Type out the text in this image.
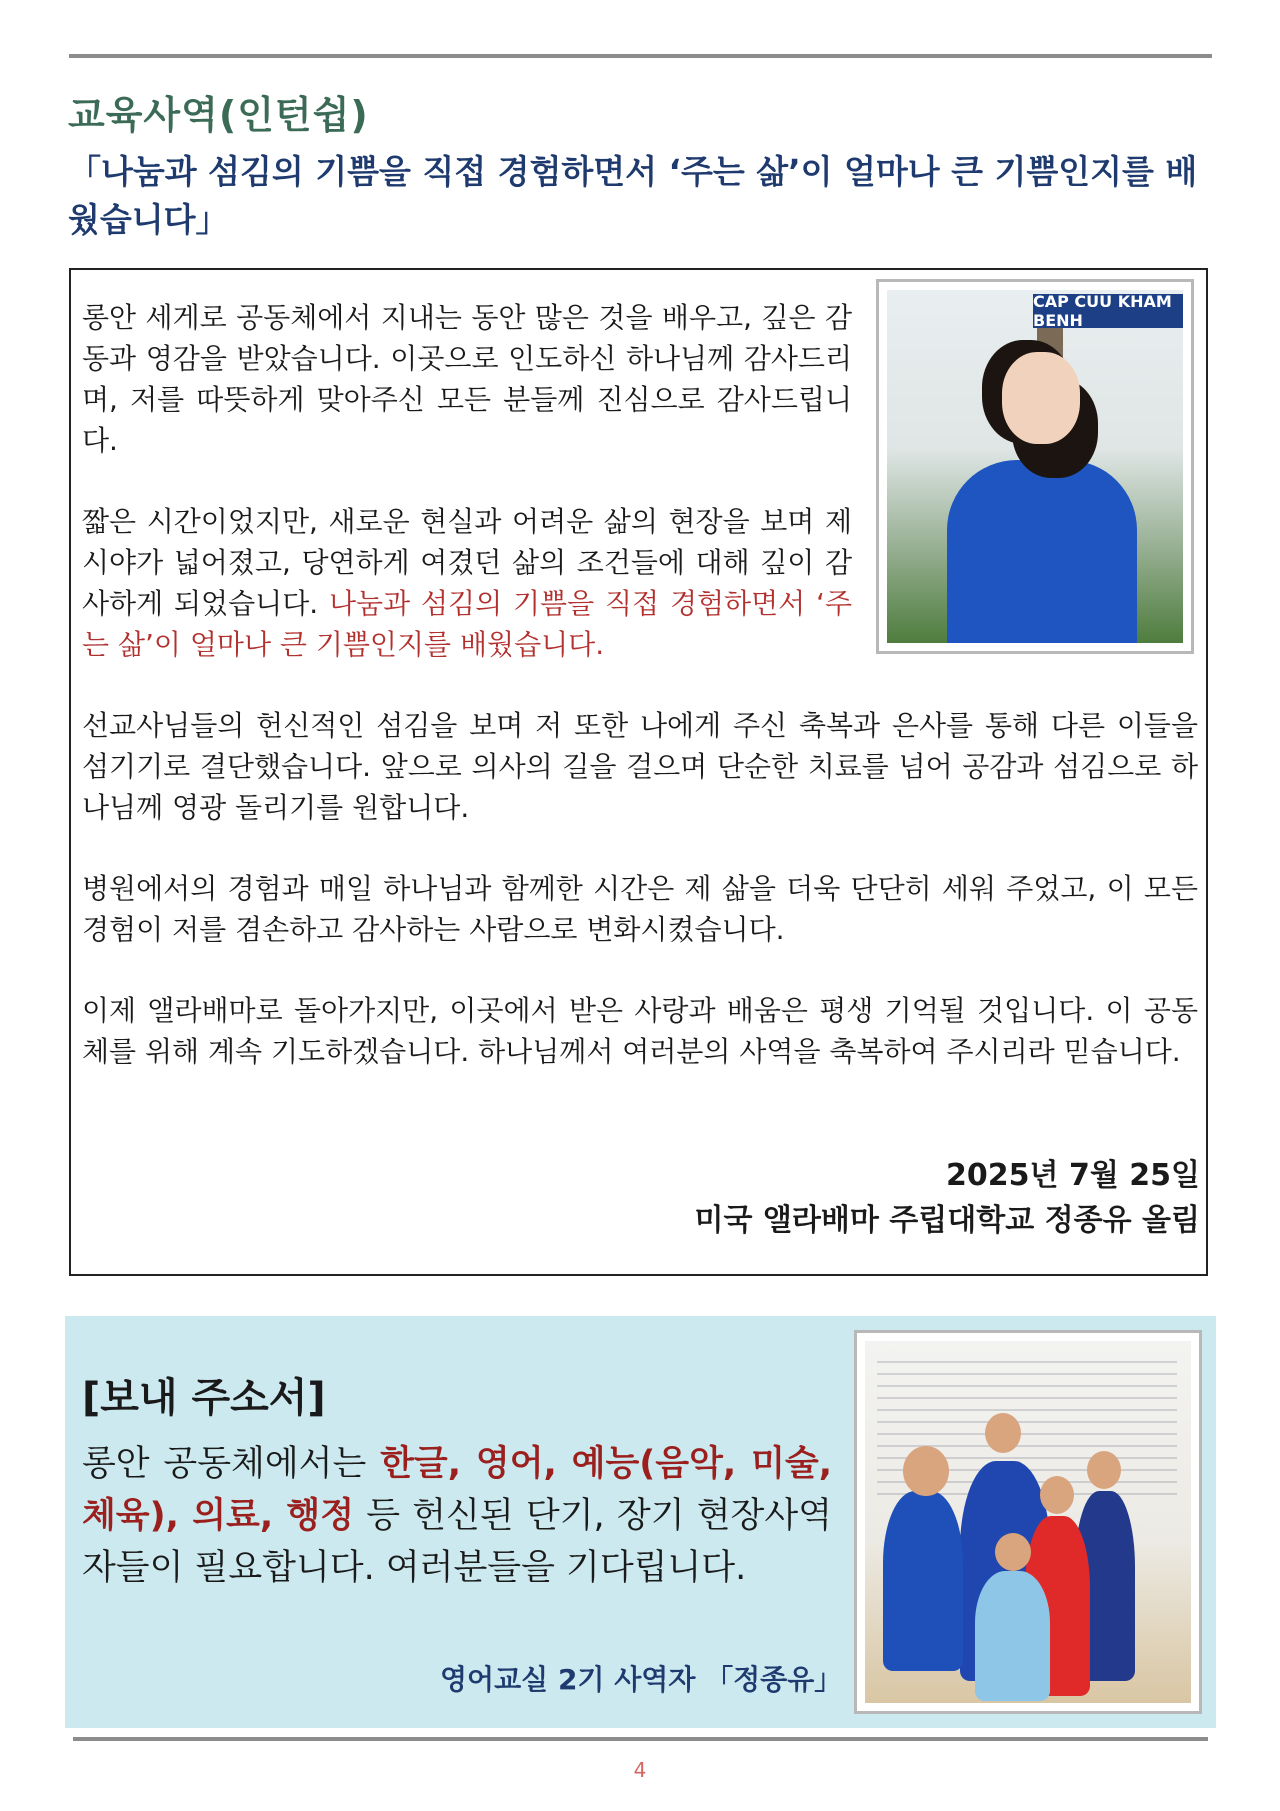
교육사역(인턴쉽)
「나눔과 섬김의 기쁨을 직접 경험하면서 ‘주는 삶’이 얼마나 큰 기쁨인지를 배웠습니다」
CAP CUU KHAM BENH
롱안 세게로 공동체에서 지내는 동안 많은 것을 배우고, 깊은 감동과 영감을 받았습니다. 이곳으로 인도하신 하나님께 감사드리며, 저를 따뜻하게 맞아주신 모든 분들께 진심으로 감사드립니다.
짧은 시간이었지만, 새로운 현실과 어려운 삶의 현장을 보며 제 시야가 넓어졌고, 당연하게 여겼던 삶의 조건들에 대해 깊이 감사하게 되었습니다. 나눔과 섬김의 기쁨을 직접 경험하면서 ‘주는 삶’이 얼마나 큰 기쁨인지를 배웠습니다.
선교사님들의 헌신적인 섬김을 보며 저 또한 나에게 주신 축복과 은사를 통해 다른 이들을 섬기기로 결단했습니다. 앞으로 의사의 길을 걸으며 단순한 치료를 넘어 공감과 섬김으로 하나님께 영광 돌리기를 원합니다.
병원에서의 경험과 매일 하나님과 함께한 시간은 제 삶을 더욱 단단히 세워 주었고, 이 모든 경험이 저를 겸손하고 감사하는 사람으로 변화시켰습니다.
이제 앨라배마로 돌아가지만, 이곳에서 받은 사랑과 배움은 평생 기억될 것입니다. 이 공동체를 위해 계속 기도하겠습니다. 하나님께서 여러분의 사역을 축복하여 주시리라 믿습니다.
2025년 7월 25일
미국 앨라배마 주립대학교 정종유 올림
[보내 주소서]
롱안 공동체에서는 한글, 영어, 예능(음악, 미술, 체육), 의료, 행정 등 헌신된 단기, 장기 현장사역자들이 필요합니다. 여러분들을 기다립니다.
영어교실 2기 사역자 「정종유」
4
